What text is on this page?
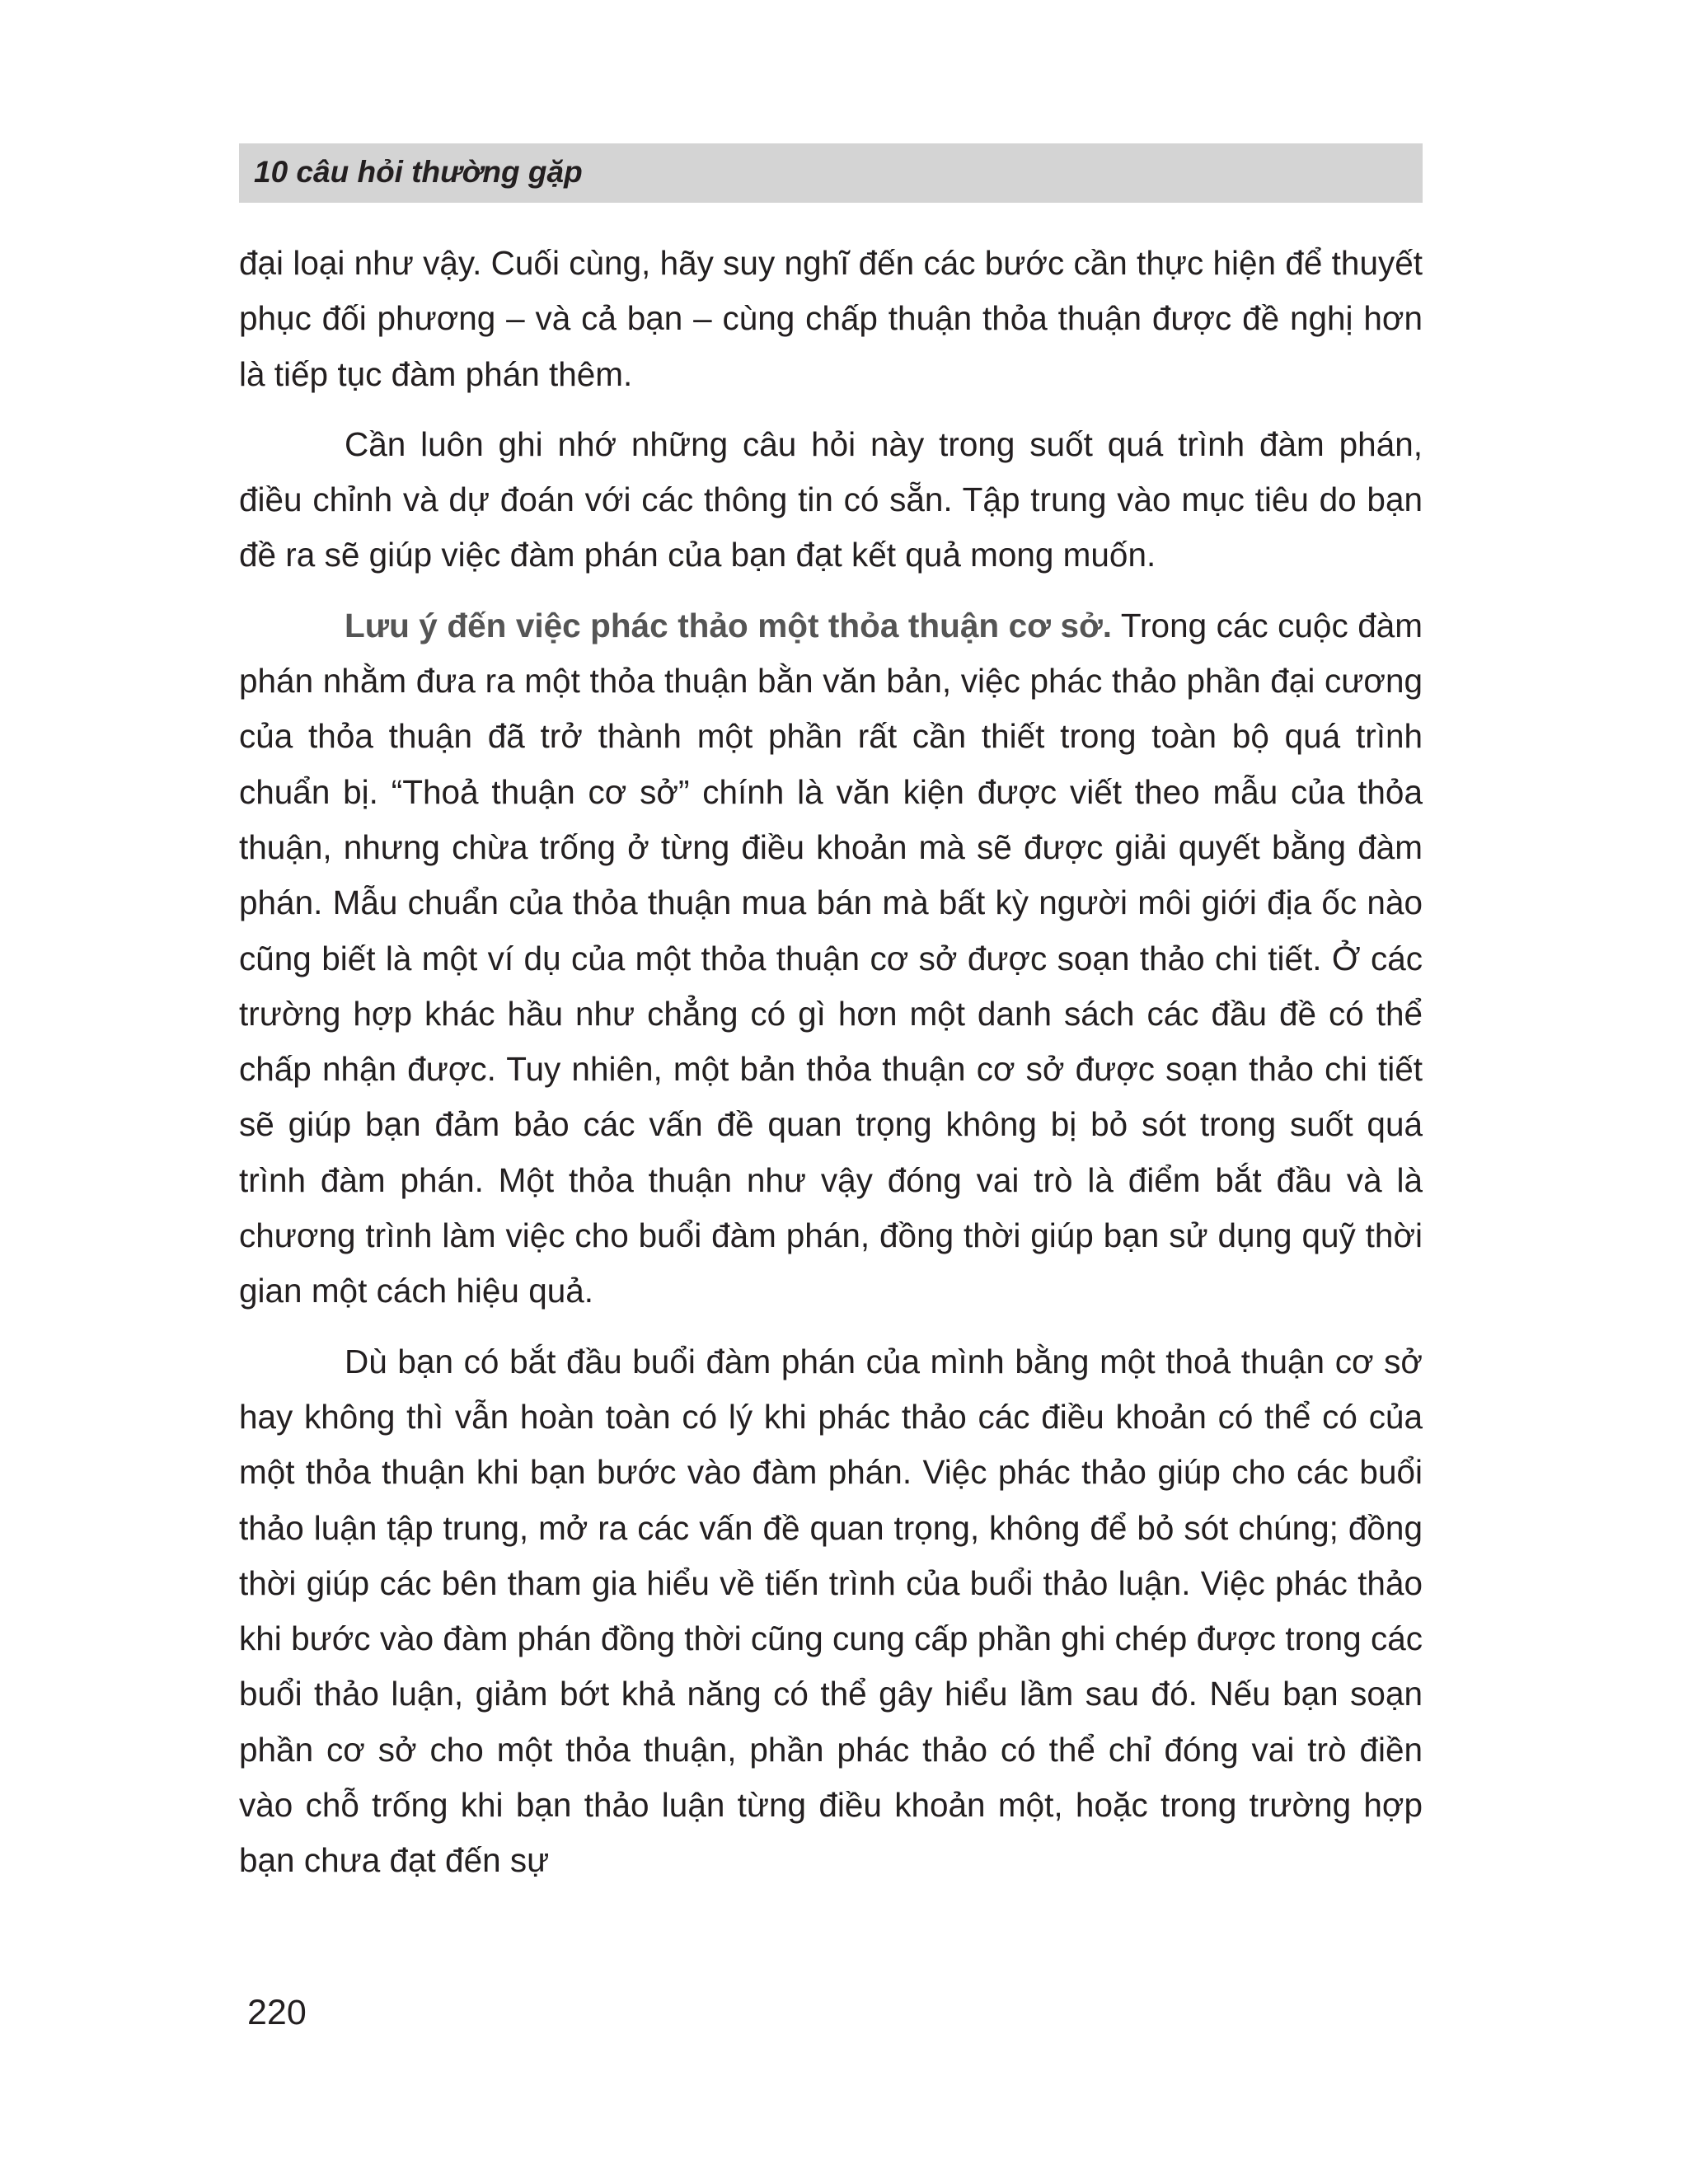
10 câu hỏi thường gặp

đại loại như vậy. Cuối cùng, hãy suy nghĩ đến các bước cần thực hiện để thuyết phục đối phương – và cả bạn – cùng chấp thuận thỏa thuận được đề nghị hơn là tiếp tục đàm phán thêm.

Cần luôn ghi nhớ những câu hỏi này trong suốt quá trình đàm phán, điều chỉnh và dự đoán với các thông tin có sẵn. Tập trung vào mục tiêu do bạn đề ra sẽ giúp việc đàm phán của bạn đạt kết quả mong muốn.

Lưu ý đến việc phác thảo một thỏa thuận cơ sở. Trong các cuộc đàm phán nhằm đưa ra một thỏa thuận bằn văn bản, việc phác thảo phần đại cương của thỏa thuận đã trở thành một phần rất cần thiết trong toàn bộ quá trình chuẩn bị. “Thoả thuận cơ sở” chính là văn kiện được viết theo mẫu của thỏa thuận, nhưng chừa trống ở từng điều khoản mà sẽ được giải quyết bằng đàm phán. Mẫu chuẩn của thỏa thuận mua bán mà bất kỳ người môi giới địa ốc nào cũng biết là một ví dụ của một thỏa thuận cơ sở được soạn thảo chi tiết. Ở các trường hợp khác hầu như chẳng có gì hơn một danh sách các đầu đề có thể chấp nhận được. Tuy nhiên, một bản thỏa thuận cơ sở được soạn thảo chi tiết sẽ giúp bạn đảm bảo các vấn đề quan trọng không bị bỏ sót trong suốt quá trình đàm phán. Một thỏa thuận như vậy đóng vai trò là điểm bắt đầu và là chương trình làm việc cho buổi đàm phán, đồng thời giúp bạn sử dụng quỹ thời gian một cách hiệu quả.

Dù bạn có bắt đầu buổi đàm phán của mình bằng một thoả thuận cơ sở hay không thì vẫn hoàn toàn có lý khi phác thảo các điều khoản có thể có của một thỏa thuận khi bạn bước vào đàm phán. Việc phác thảo giúp cho các buổi thảo luận tập trung, mở ra các vấn đề quan trọng, không để bỏ sót chúng; đồng thời giúp các bên tham gia hiểu về tiến trình của buổi thảo luận. Việc phác thảo khi bước vào đàm phán đồng thời cũng cung cấp phần ghi chép được trong các buổi thảo luận, giảm bớt khả năng có thể gây hiểu lầm sau đó. Nếu bạn soạn phần cơ sở cho một thỏa thuận, phần phác thảo có thể chỉ đóng vai trò điền vào chỗ trống khi bạn thảo luận từng điều khoản một, hoặc trong trường hợp bạn chưa đạt đến sự

220
